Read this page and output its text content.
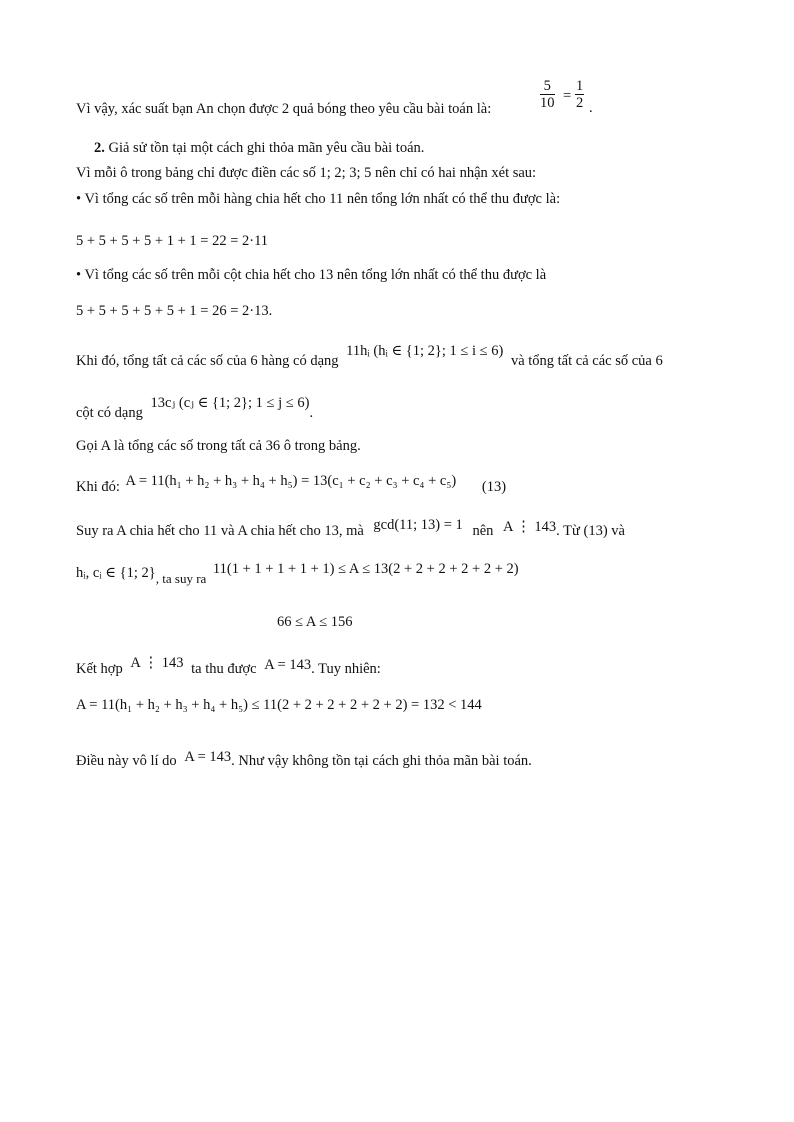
Vì vậy, xác suất bạn An chọn được 2 quả bóng theo yêu cầu bài toán là:	$\frac{5}{10} = \frac{1}{2}$ .
2. Giả sử tồn tại một cách ghi thỏa mãn yêu cầu bài toán.
Vì mỗi ô trong bảng chỉ được điền các số 1; 2; 3; 5 nên chỉ có hai nhận xét sau:
• Vì tổng các số trên mỗi hàng chia hết cho 11 nên tổng lớn nhất có thể thu được là:
5 + 5 + 5 + 5 + 1 + 1 = 22 = 2·11
• Vì tổng các số trên mỗi cột chia hết cho 13 nên tổng lớn nhất có thể thu được là
5 + 5 + 5 + 5 + 5 + 1 = 26 = 2·13.
Khi đó, tổng tất cả các số của 6 hàng có dạng 11hᵢ (hᵢ ∈ {1; 2}; 1 ≤ i ≤ 6) và tổng tất cả các số của 6
cột có dạng 13cⱼ (cⱼ ∈ {1; 2}; 1 ≤ j ≤ 6).
Gọi A là tổng các số trong tất cả 36 ô trong bảng.
Khi đó: A = 11(h₁ + h₂ + h₃ + h₄ + h₅) = 13(c₁ + c₂ + c₃ + c₄ + c₅) (13)
Suy ra A chia hết cho 11 và A chia hết cho 13, mà gcd(11; 13) = 1 nên A ⋮ 143. Từ (13) và
hᵢ, cᵢ ∈ {1; 2}, ta suy ra 11(1 + 1 + 1 + 1 + 1) ≤ A ≤ 13(2 + 2 + 2 + 2 + 2 + 2)
66 ≤ A ≤ 156
Kết hợp A ⋮ 143 ta thu được A = 143. Tuy nhiên:
A = 11(h₁ + h₂ + h₃ + h₄ + h₅) ≤ 11(2 + 2 + 2 + 2 + 2 + 2) = 132 < 144
Điều này vô lí do A = 143. Như vậy không tồn tại cách ghi thỏa mãn bài toán.
